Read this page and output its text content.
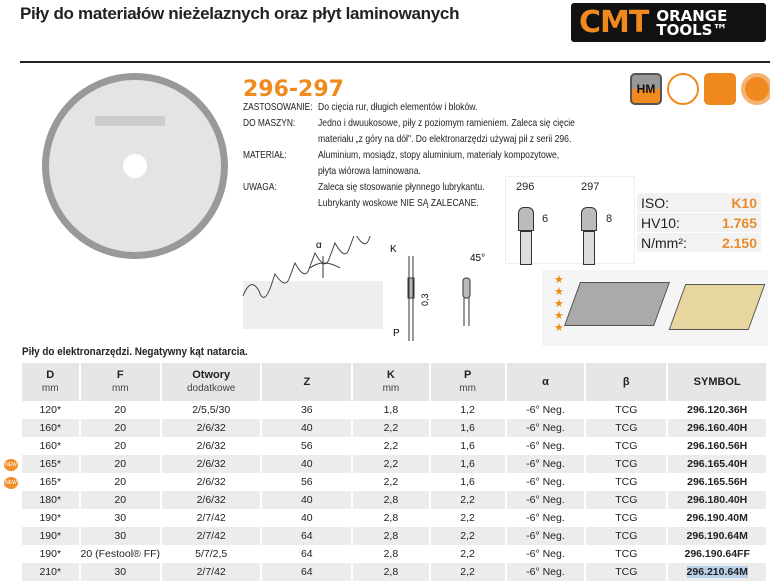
Piły do materiałów nieżelaznych oraz płyt laminowanych	CMT ORANGE
TOOLS™
296-297
ZASTOSOWANIE: Do cięcia rur, długich elementów i bloków.
DO MASZYN: Jedno i dwuukosowe, piły z poziomym ramieniem. Zaleca się cięcie
materiału „z góry na dół". Do elektronarzędzi używaj pił z serii 296.
MATERIAŁ:	Aluminium, mosiądz, stopy aluminium, materiały kompozytowe,
płyta wiórowa laminowana.
UWAGA:	Zaleca się stosowanie płynnego lubrykantu.
Lubrykanty woskowe NIE SĄ ZALECANE.
HM
296	297
6	8
ISO:	K10
HV10:	1.765
N/mm²:	2.150
α	K
P
0,3
45°
★
★
★
★
★
Piły do elektronarzędzi. Negatywny kąt natarcia.
NEW
NEW
D
mm	F
mm	Otwory
dodatkowe	Z	K
mm	P
mm	α	β	SYMBOL

120*	20	2/5,5/30	36	1,8	1,2	-6° Neg.	TCG	296.120.36H
160*	20	2/6/32	40	2,2	1,6	-6° Neg.	TCG	296.160.40H
160*	20	2/6/32	56	2,2	1,6	-6° Neg.	TCG	296.160.56H
165*	20	2/6/32	40	2,2	1,6	-6° Neg.	TCG	296.165.40H
165*	20	2/6/32	56	2,2	1,6	-6° Neg.	TCG	296.165.56H
180*	20	2/6/32	40	2,8	2,2	-6° Neg.	TCG	296.180.40H
190*	30	2/7/42	40	2,8	2,2	-6° Neg.	TCG	296.190.40M
190*	30	2/7/42	64	2,8	2,2	-6° Neg.	TCG	296.190.64M
190*	20 (Festool® FF)	5/7/2,5	64	2,8	2,2	-6° Neg.	TCG	296.190.64FF
210*	30	2/7/42	64	2,8	2,2	-6° Neg.	TCG	296.210.64M
